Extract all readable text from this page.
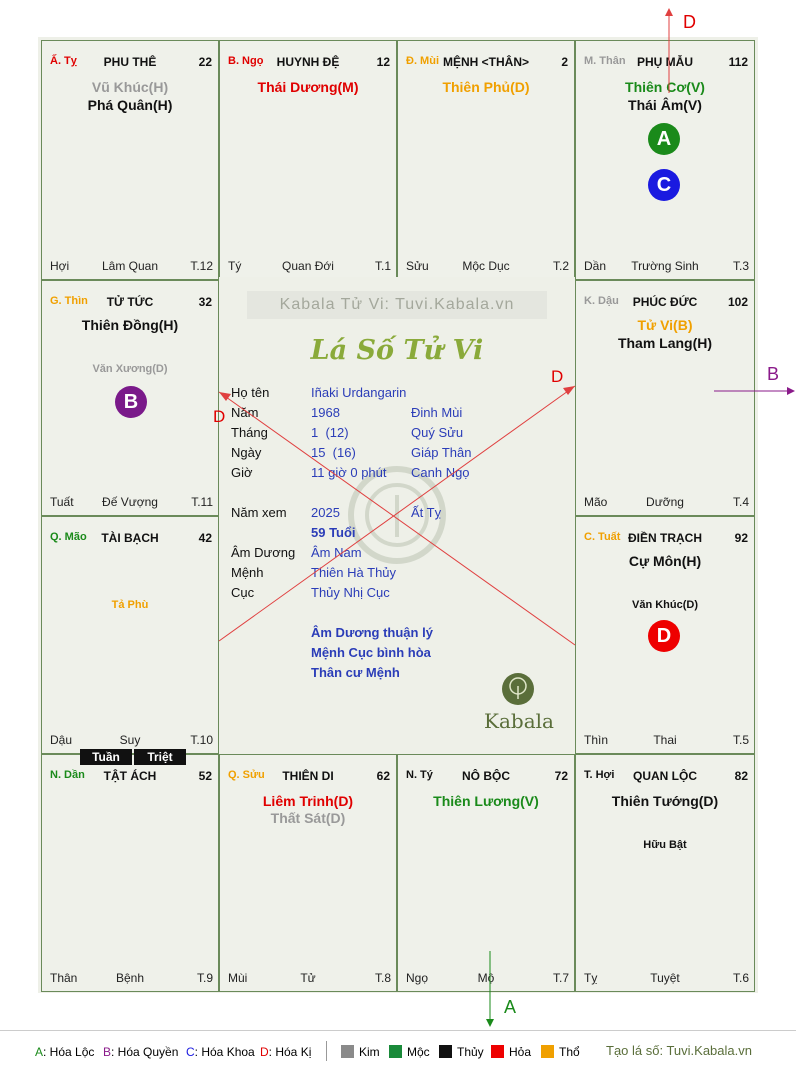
Ấ. Tỵ	PHU THÊ	22
Vũ Khúc(H)
Phá Quân(H)
Hợi	Lâm Quan	T.12
B. Ngọ	HUYNH ĐỆ	12
Thái Dương(M)
Tý	Quan Đới	T.1
Đ. Mùi MỆNH <THÂN>	2
Thiên Phủ(D)
Sửu	Mộc Dục	T.2
M. Thân PHỤ MẪU	112
Thiên Cơ(V)
Thái Âm(V)
A
C
Dần	Trường Sinh	T.3
G. Thìn	TỬ TỨC	32
Thiên Đồng(H)
Văn Xương(D)
B
Tuất	Đế Vượng	T.11
K. Dậu	PHÚC ĐỨC	102
Tử Vi(B)
Tham Lang(H)
Mão	Dưỡng	T.4
Q. Mão	TÀI BẠCH	42
Tả Phù
Dậu	Suy	T.10
C. Tuất ĐIỀN TRẠCH	92
Cự Môn(H)
Văn Khúc(D)
D
Thìn	Thai	T.5
N. Dần	TẬT ÁCH	52
Thân	Bệnh	T.9
Q. Sửu	THIÊN DI	62
Liêm Trinh(D)
Thất Sát(D)
Mùi	Tử	T.8
N. Tý	NÔ BỘC	72
Thiên Lương(V)
Ngọ	Mộ	T.7
T. Hợi	QUAN LỘC	82
Thiên Tướng(D)
Hữu Bật
Tỵ	Tuyệt	T.6
Tuần	Triệt
Kabala Tử Vi: Tuvi.Kabala.vn
Lá Số Tử Vi
Họ tên	Iñaki Urdangarin
Năm	1968	Đinh Mùi
Tháng	1  (12)	Quý Sửu
Ngày	15  (16)	Giáp Thân
Giờ	11 giờ 0 phút Canh Ngọ
Năm xem 2025	Ất Tỵ
59 Tuổi
Âm Dương Âm Nam
Mệnh	Thiên Hà Thủy
Cục	Thủy Nhị Cục
Âm Dương thuận lý
Mệnh Cục bình hòa
Thân cư Mệnh
Kabala
D
D
D
B
A
A: Hóa Lộc B: Hóa Quyền C: Hóa Khoa D: Hóa Kị	Kim	Mộc	Thủy	Hỏa	Thổ Tạo lá số: Tuvi.Kabala.vn
